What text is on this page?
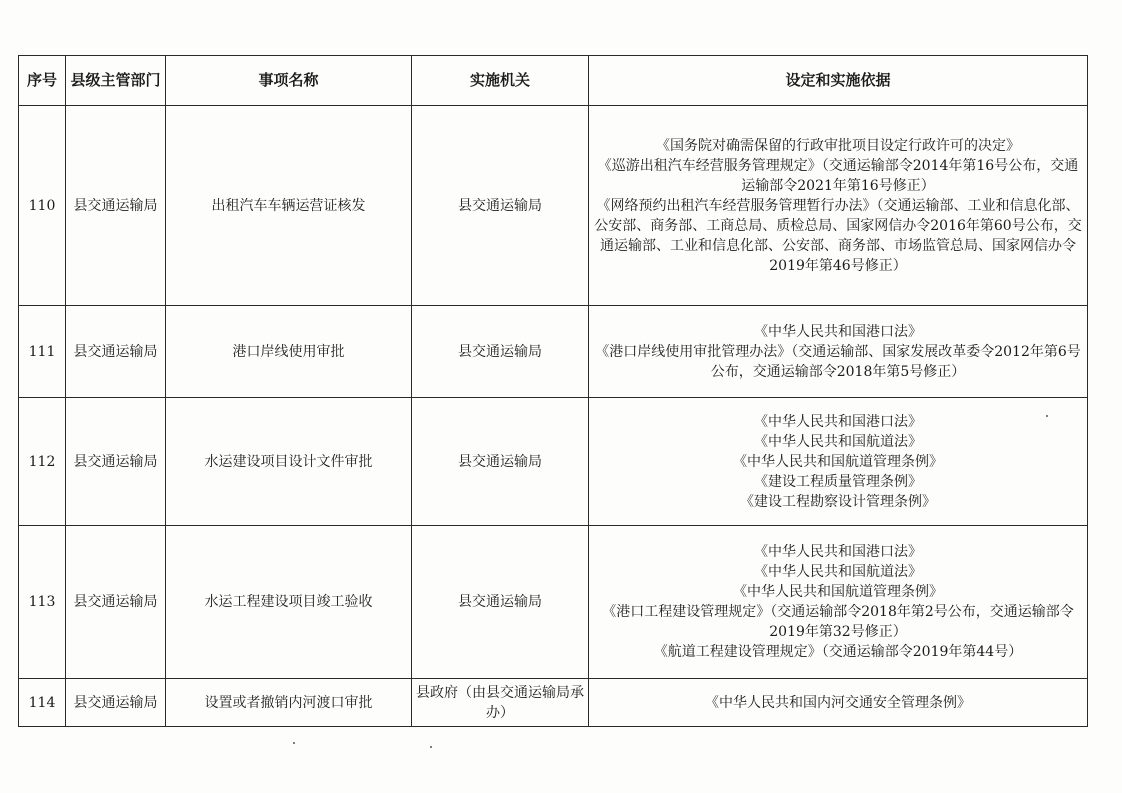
序号	县级主管部门	事项名称	实施机关	设定和实施依据
110	县交通运输局	出租汽车车辆运营证核发	县交通运输局	《国务院对确需保留的行政审批项目设定行政许可的决定》
《巡游出租汽车经营服务管理规定》（交通运输部令2014年第16号公布，交通运输部令2021年第16号修正）
《网络预约出租汽车经营服务管理暂行办法》（交通运输部、工业和信息化部、公安部、商务部、工商总局、质检总局、国家网信办令2016年第60号公布，交通运输部、工业和信息化部、公安部、商务部、市场监管总局、国家网信办令2019年第46号修正）

111	县交通运输局	港口岸线使用审批	县交通运输局	《中华人民共和国港口法》
《港口岸线使用审批管理办法》（交通运输部、国家发展改革委令2012年第6号公布，交通运输部令2018年第5号修正）

112	县交通运输局	水运建设项目设计文件审批	县交通运输局	《中华人民共和国港口法》
《中华人民共和国航道法》
《中华人民共和国航道管理条例》
《建设工程质量管理条例》
《建设工程勘察设计管理条例》

113	县交通运输局	水运工程建设项目竣工验收	县交通运输局	《中华人民共和国港口法》
《中华人民共和国航道法》
《中华人民共和国航道管理条例》
《港口工程建设管理规定》（交通运输部令2018年第2号公布，交通运输部令2019年第32号修正）
《航道工程建设管理规定》（交通运输部令2019年第44号）

114	县交通运输局	设置或者撤销内河渡口审批	县政府（由县交通运输局承办）	《中华人民共和国内河交通安全管理条例》
